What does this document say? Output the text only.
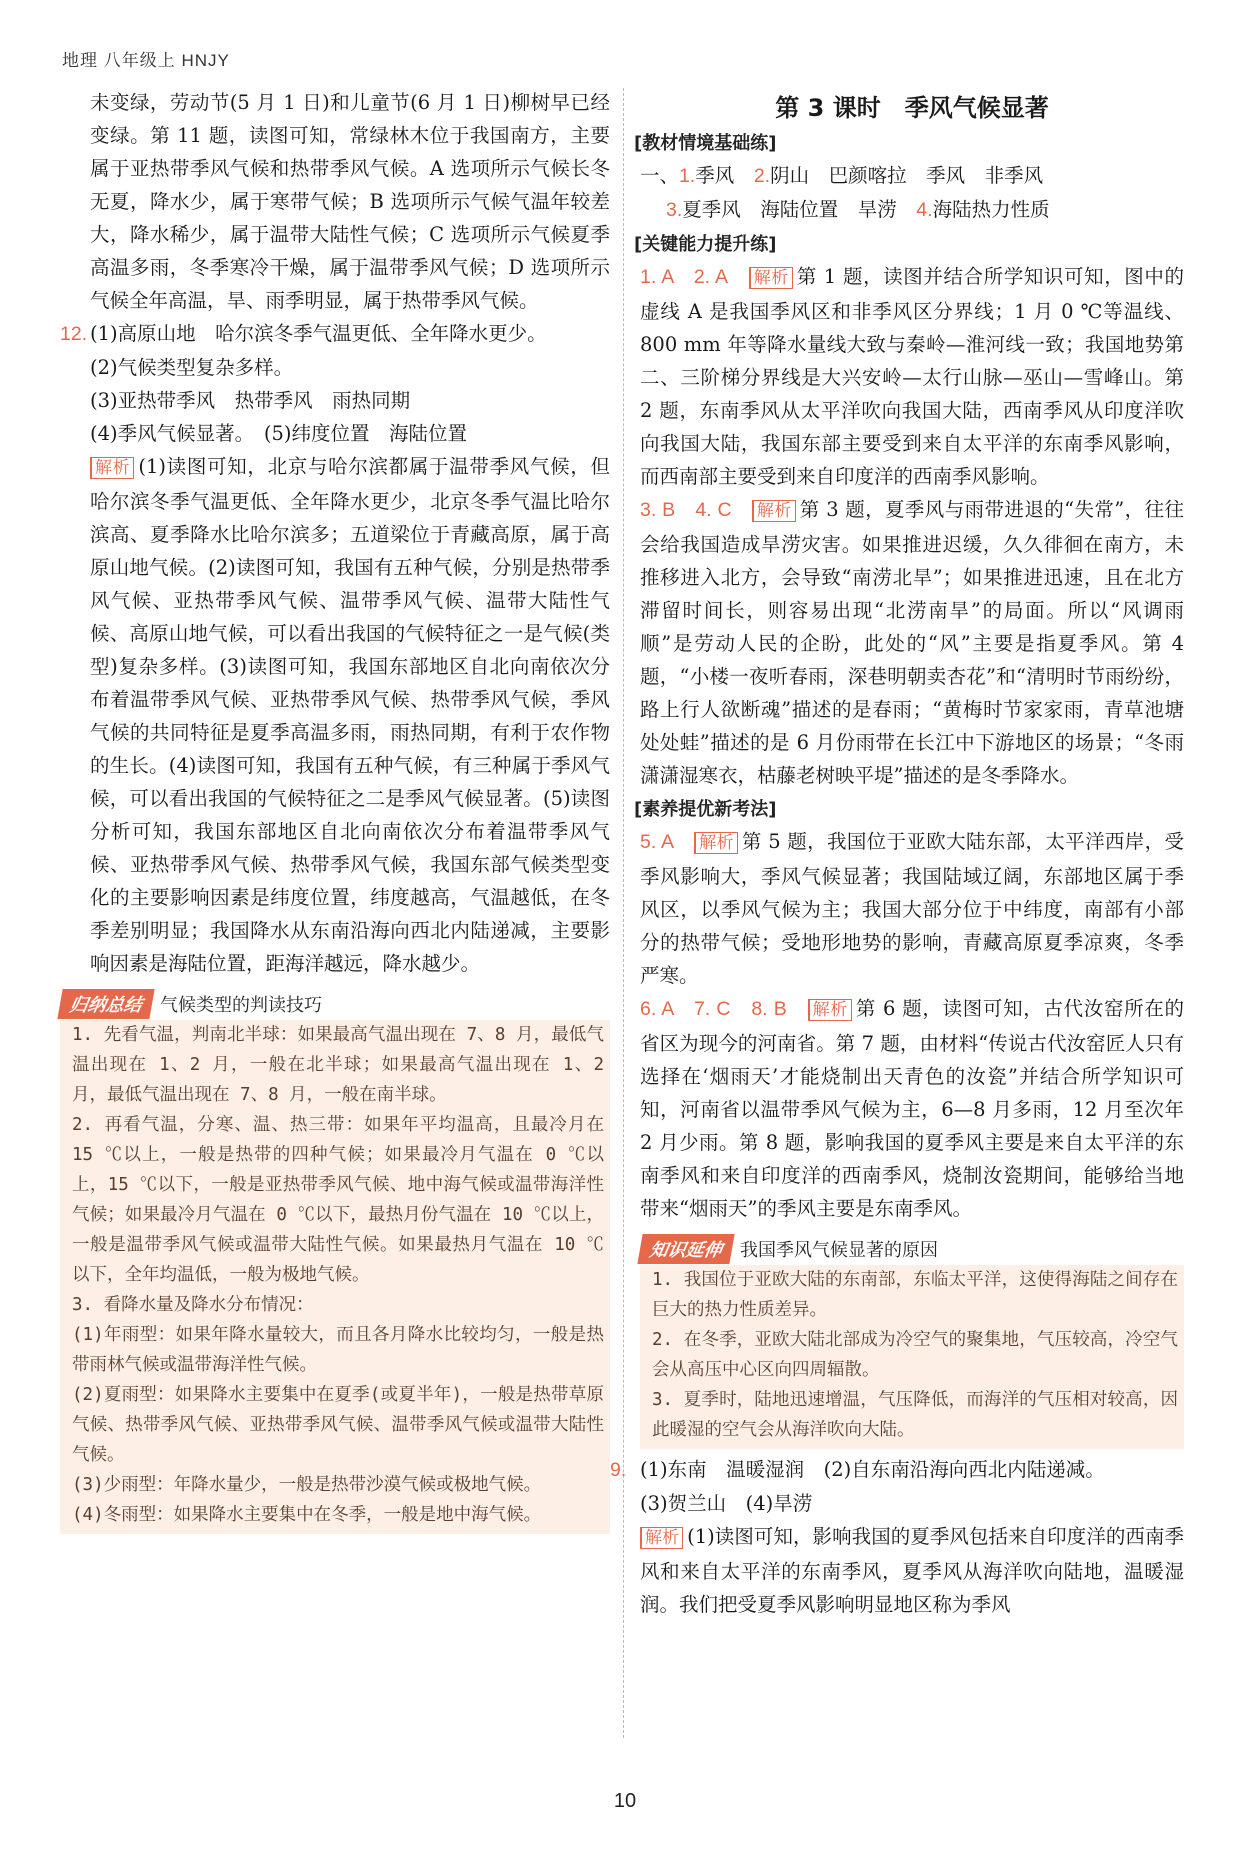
地理 八年级上 HNJY

未变绿，劳动节(5 月 1 日)和儿童节(6 月 1 日)柳树早已经变绿。第 11 题，读图可知，常绿林木位于我国南方，主要属于亚热带季风气候和热带季风气候。A 选项所示气候长冬无夏，降水少，属于寒带气候；B 选项所示气候气温年较差大，降水稀少，属于温带大陆性气候；C 选项所示气候夏季高温多雨，冬季寒冷干燥，属于温带季风气候；D 选项所示气候全年高温，旱、雨季明显，属于热带季风气候。

12. (1)高原山地　哈尔滨冬季气温更低、全年降水更少。

(2)气候类型复杂多样。

(3)亚热带季风　热带季风　雨热同期

(4)季风气候显著。　(5)纬度位置　海陆位置

解析 (1)读图可知，北京与哈尔滨都属于温带季风气候，但哈尔滨冬季气温更低、全年降水更少，北京冬季气温比哈尔滨高、夏季降水比哈尔滨多；五道梁位于青藏高原，属于高原山地气候。(2)读图可知，我国有五种气候，分别是热带季风气候、亚热带季风气候、温带季风气候、温带大陆性气候、高原山地气候，可以看出我国的气候特征之一是气候(类型)复杂多样。(3)读图可知，我国东部地区自北向南依次分布着温带季风气候、亚热带季风气候、热带季风气候，季风气候的共同特征是夏季高温多雨，雨热同期，有利于农作物的生长。(4)读图可知，我国有五种气候，有三种属于季风气候，可以看出我国的气候特征之二是季风气候显著。(5)读图分析可知，我国东部地区自北向南依次分布着温带季风气候、亚热带季风气候、热带季风气候，我国东部气候类型变化的主要影响因素是纬度位置，纬度越高，气温越低，在冬季差别明显；我国降水从东南沿海向西北内陆递减，主要影响因素是海陆位置，距海洋越远，降水越少。

归纳总结 气候类型的判读技巧

1. 先看气温，判南北半球：如果最高气温出现在 7、8 月，最低气温出现在 1、2 月，一般在北半球；如果最高气温出现在 1、2 月，最低气温出现在 7、8 月，一般在南半球。

2. 再看气温，分寒、温、热三带：如果年平均温高，且最冷月在 15 ℃以上，一般是热带的四种气候；如果最冷月气温在 0 ℃以上，15 ℃以下，一般是亚热带季风气候、地中海气候或温带海洋性气候；如果最冷月气温在 0 ℃以下，最热月份气温在 10 ℃以上，一般是温带季风气候或温带大陆性气候。如果最热月气温在 10 ℃以下，全年均温低，一般为极地气候。

3. 看降水量及降水分布情况：

(1)年雨型：如果年降水量较大，而且各月降水比较均匀，一般是热带雨林气候或温带海洋性气候。

(2)夏雨型：如果降水主要集中在夏季(或夏半年)，一般是热带草原气候、热带季风气候、亚热带季风气候、温带季风气候或温带大陆性气候。

(3)少雨型：年降水量少，一般是热带沙漠气候或极地气候。

(4)冬雨型：如果降水主要集中在冬季，一般是地中海气候。

第 3 课时　季风气候显著
[ 教材情境基础练 ]

一、1.季风　 2.阴山　巴颜喀拉　季风　非季风

3.夏季风　海陆位置　旱涝　 4.海陆热力性质

[ 关键能力提升练 ]

1. A　2. A　 解析 第 1 题，读图并结合所学知识可知，图中的虚线 A 是我国季风区和非季风区分界线；1 月 0 ℃等温线、800 mm 年等降水量线大致与秦岭—淮河线一致；我国地势第二、三阶梯分界线是大兴安岭—太行山脉—巫山—雪峰山。第 2 题，东南季风从太平洋吹向我国大陆，西南季风从印度洋吹向我国大陆，我国东部主要受到来自太平洋的东南季风影响，而西南部主要受到来自印度洋的西南季风影响。

3. B　4. C　 解析 第 3 题，夏季风与雨带进退的“失常”，往往会给我国造成旱涝灾害。如果推进迟缓，久久徘徊在南方，未推移进入北方，会导致“南涝北旱”；如果推进迅速，且在北方滞留时间长，则容易出现“北涝南旱”的局面。所以“风调雨顺”是劳动人民的企盼，此处的“风”主要是指夏季风。第 4 题，“小楼一夜听春雨，深巷明朝卖杏花”和“清明时节雨纷纷，路上行人欲断魂”描述的是春雨；“黄梅时节家家雨，青草池塘处处蛙”描述的是 6 月份雨带在长江中下游地区的场景；“冬雨潇潇湿寒衣，枯藤老树映平堤”描述的是冬季降水。

[ 素养提优新考法 ]

5. A　 解析 第 5 题，我国位于亚欧大陆东部，太平洋西岸，受季风影响大，季风气候显著；我国陆域辽阔，东部地区属于季风区，以季风气候为主；我国大部分位于中纬度，南部有小部分的热带气候；受地形地势的影响，青藏高原夏季凉爽，冬季严寒。

6. A　7. C　8. B　 解析 第 6 题，读图可知，古代汝窑所在的省区为现今的河南省。第 7 题，由材料“传说古代汝窑匠人只有选择在‘烟雨天’才能烧制出天青色的汝瓷”并结合所学知识可知，河南省以温带季风气候为主，6—8 月多雨，12 月至次年 2 月少雨。第 8 题，影响我国的夏季风主要是来自太平洋的东南季风和来自印度洋的西南季风，烧制汝瓷期间，能够给当地带来“烟雨天”的季风主要是东南季风。

知识延伸 我国季风气候显著的原因

1. 我国位于亚欧大陆的东南部，东临太平洋，这使得海陆之间存在巨大的热力性质差异。

2. 在冬季，亚欧大陆北部成为冷空气的聚集地，气压较高，冷空气会从高压中心区向四周辐散。

3. 夏季时，陆地迅速增温，气压降低，而海洋的气压相对较高，因此暖湿的空气会从海洋吹向大陆。

9. (1)东南　温暖湿润　(2)自东南沿海向西北内陆递减。

(3)贺兰山　(4)旱涝

解析 (1)读图可知，影响我国的夏季风包括来自印度洋的西南季风和来自太平洋的东南季风，夏季风从海洋吹向陆地，温暖湿润。我们把受夏季风影响明显地区称为季风

10
